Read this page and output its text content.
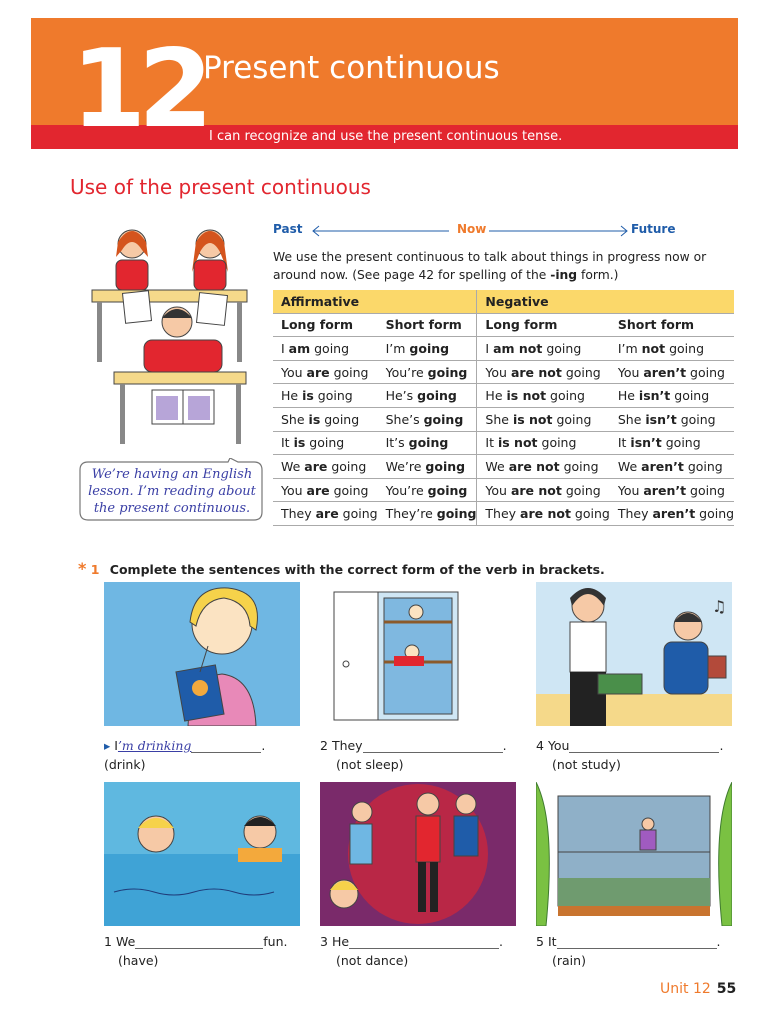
12
Present continuous
I can recognize and use the present continuous tense.
Use of the present continuous
We’re having an English lesson. I’m reading about the present continuous.
Past	Now	Future
We use the present continuous to talk about things in progress now or around now. (See page 42 for spelling of the -ing form.)
Affirmative		Negative	
Long form	Short form	Long form	Short form
I am going	I’m going	I am not going	I’m not going
You are going	You’re going	You are not going	You aren’t going
He is going	He’s going	He is not going	He isn’t going
She is going	She’s going	She is not going	She isn’t going
It is going	It’s going	It is not going	It isn’t going
We are going	We’re going	We are not going	We aren’t going
You are going	You’re going	You are not going	You aren’t going
They are going	They’re going	They are not going	They aren’t going
* 1 Complete the sentences with the correct form of the verb in brackets.
♫
▸ I’m drinking	.
(drink)
2 They	.
(not sleep)
4 You	.
(not study)
1 We	fun.
(have)
3 He	.
(not dance)
5 It	.
(rain)
Unit 12 55
